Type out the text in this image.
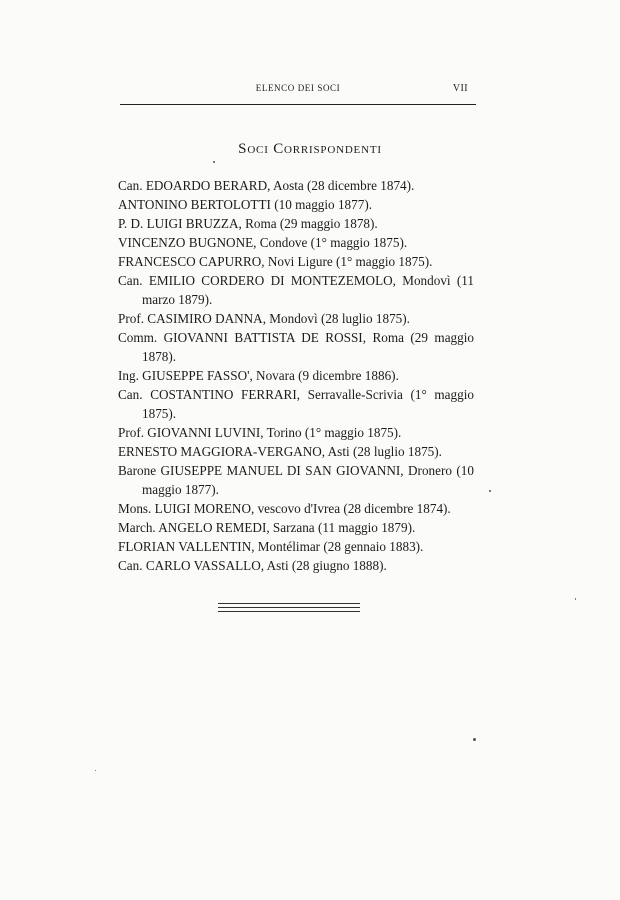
ELENCO DEI SOCI	VII
Soci Corrispondenti
Can. EDOARDO BERARD, Aosta (28 dicembre 1874).
ANTONINO BERTOLOTTI (10 maggio 1877).
P. D. LUIGI BRUZZA, Roma (29 maggio 1878).
VINCENZO BUGNONE, Condove (1° maggio 1875).
FRANCESCO CAPURRO, Novi Ligure (1° maggio 1875).
Can. EMILIO CORDERO DI MONTEZEMOLO, Mondovì (11 marzo 1879).
Prof. CASIMIRO DANNA, Mondovì (28 luglio 1875).
Comm. GIOVANNI BATTISTA DE ROSSI, Roma (29 maggio 1878).
Ing. GIUSEPPE FASSO', Novara (9 dicembre 1886).
Can. COSTANTINO FERRARI, Serravalle-Scrivia (1° maggio 1875).
Prof. GIOVANNI LUVINI, Torino (1° maggio 1875).
ERNESTO MAGGIORA-VERGANO, Asti (28 luglio 1875).
Barone GIUSEPPE MANUEL DI SAN GIOVANNI, Dronero (10 maggio 1877).
Mons. LUIGI MORENO, vescovo d'Ivrea (28 dicembre 1874).
March. ANGELO REMEDI, Sarzana (11 maggio 1879).
FLORIAN VALLENTIN, Montélimar (28 gennaio 1883).
Can. CARLO VASSALLO, Asti (28 giugno 1888).
